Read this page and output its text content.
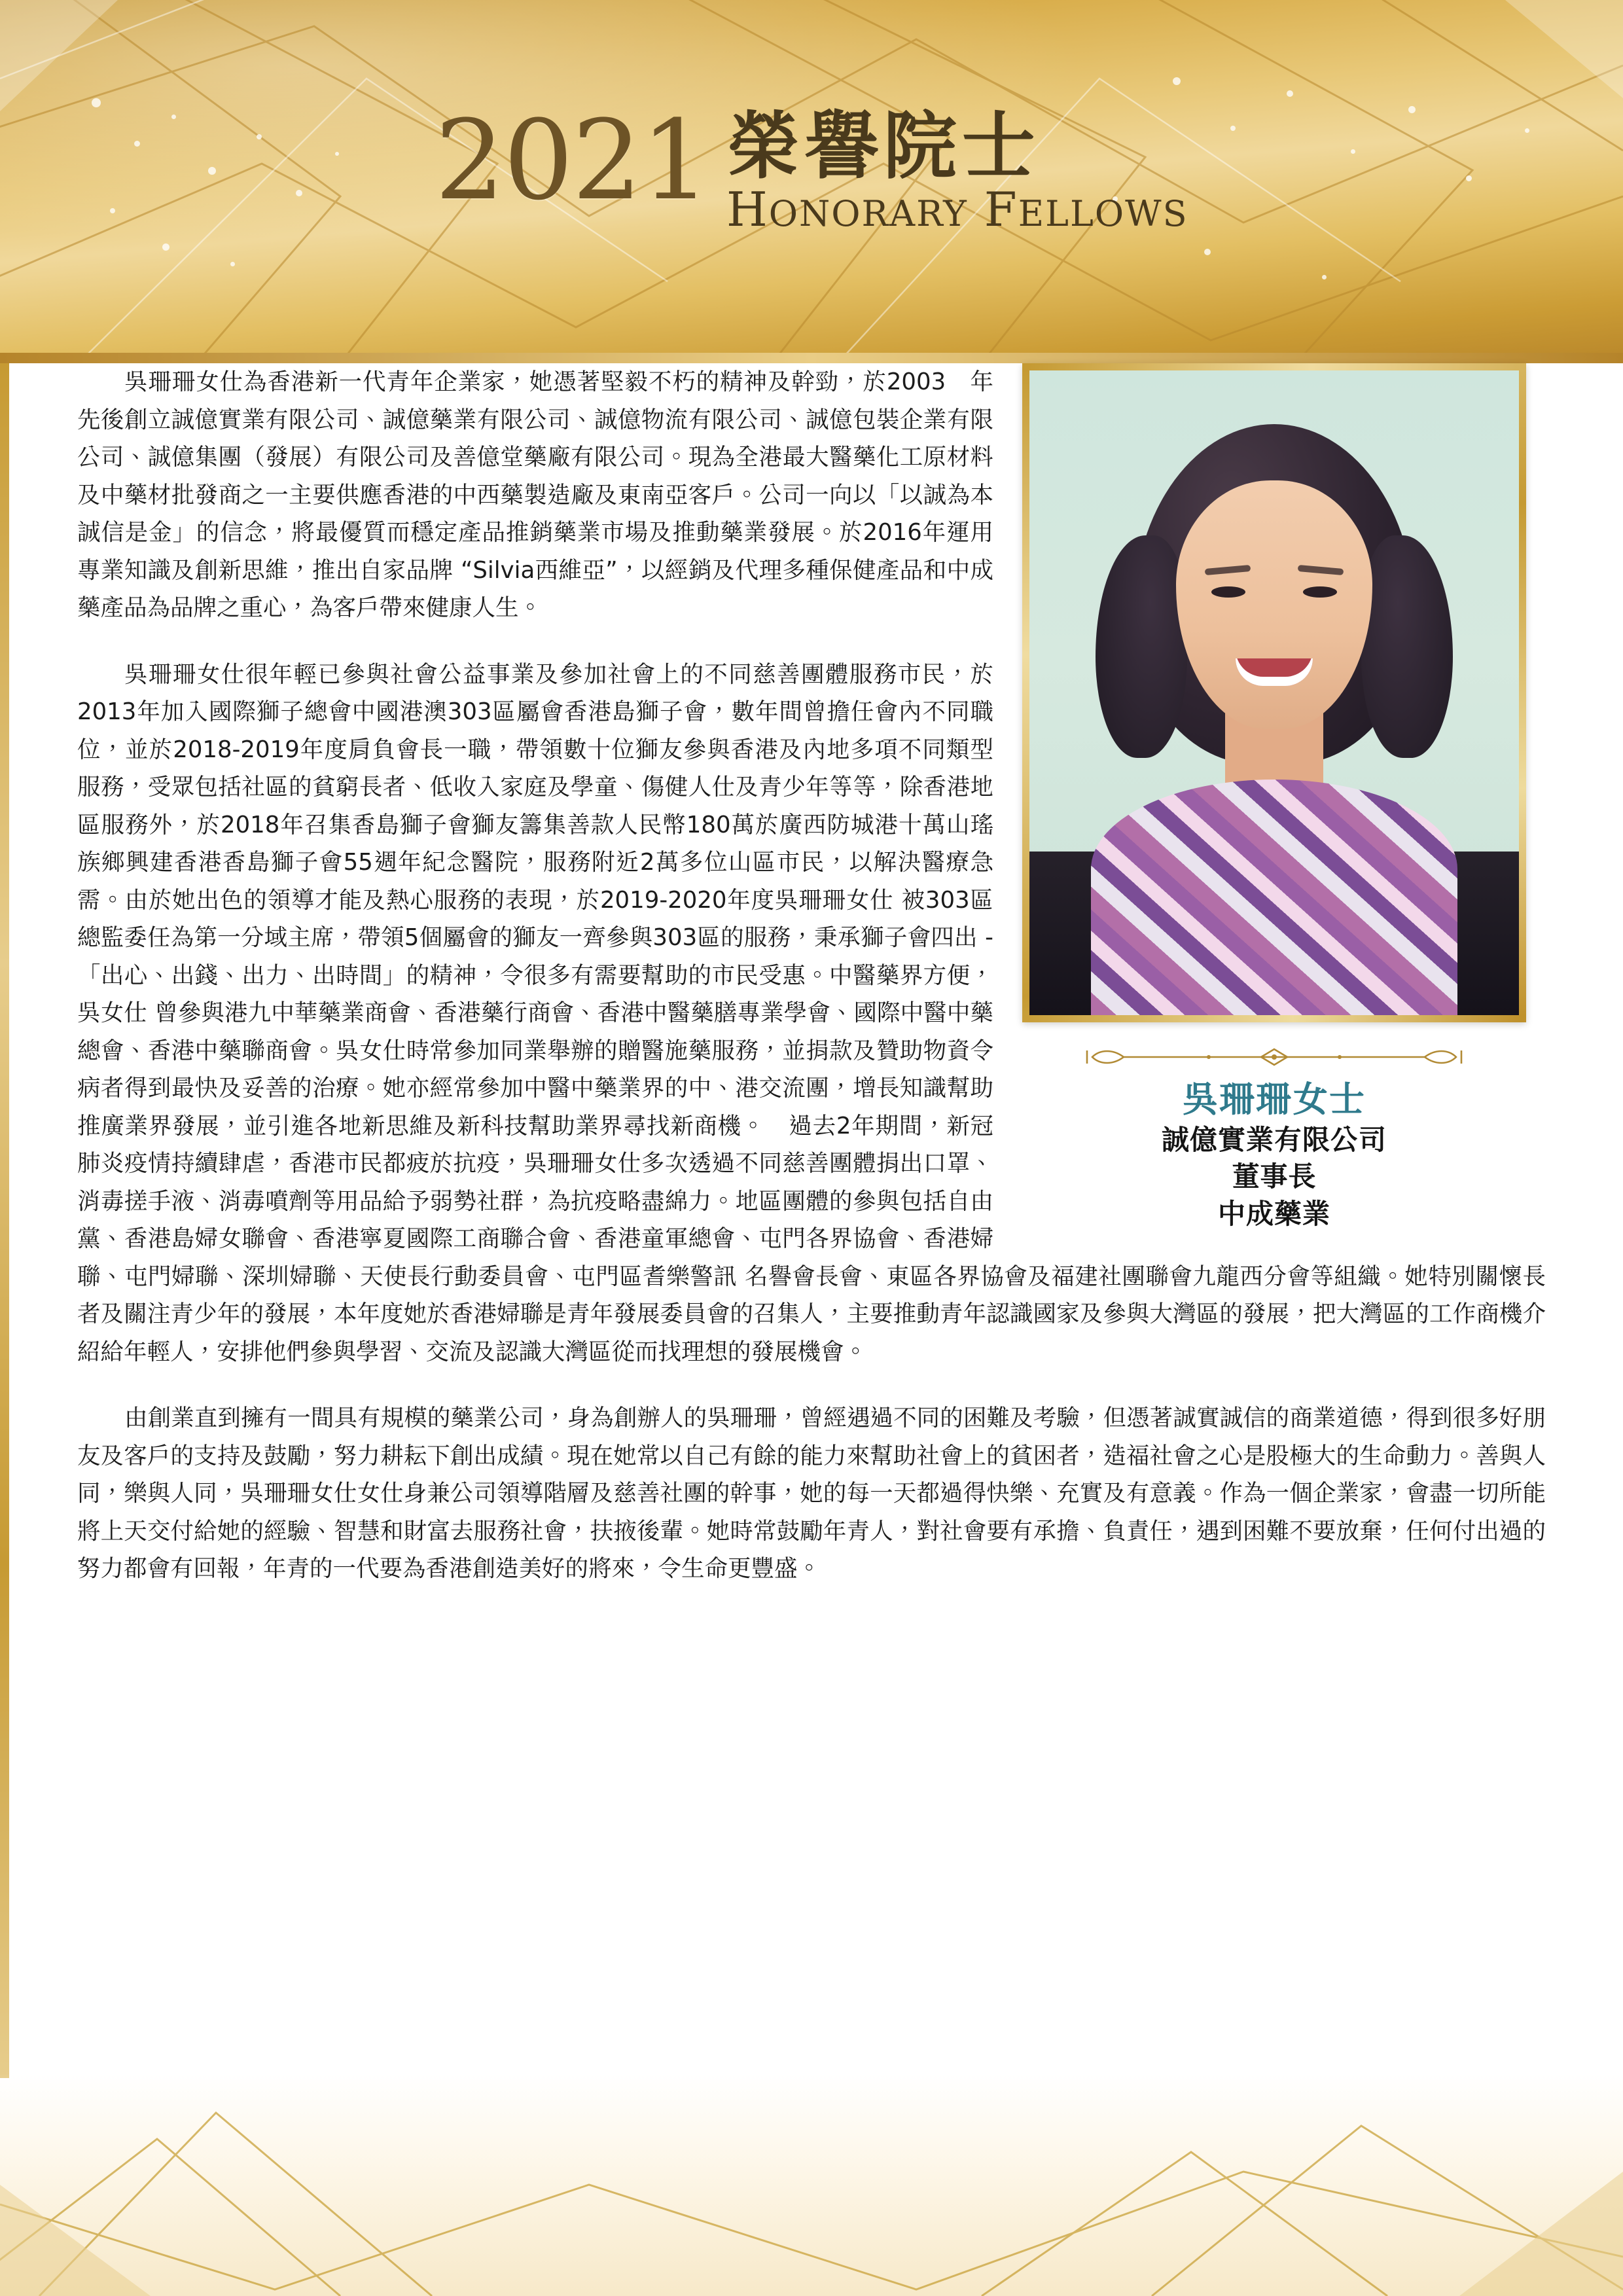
2021 榮譽院士
HONORARY FELLOWS
吳珊珊女士
誠億實業有限公司
董事長
中成藥業

吳珊珊女仕為香港新一代青年企業家，她憑著堅毅不朽的精神及幹勁，於2003　年先後創立誠億實業有限公司、誠億藥業有限公司、誠億物流有限公司、誠億包裝企業有限公司、誠億集團（發展）有限公司及善億堂藥廠有限公司。現為全港最大醫藥化工原材料及中藥材批發商之一主要供應香港的中西藥製造廠及東南亞客戶。公司一向以「以誠為本　誠信是金」的信念，將最優質而穩定產品推銷藥業市場及推動藥業發展。於2016年運用專業知識及創新思維，推出自家品牌 “Silvia西維亞”，以經銷及代理多種保健產品和中成藥產品為品牌之重心，為客戶帶來健康人生。

吳珊珊女仕很年輕已參與社會公益事業及參加社會上的不同慈善團體服務市民，於2013年加入國際獅子總會中國港澳303區屬會香港島獅子會，數年間曾擔任會內不同職位，並於2018-2019年度肩負會長一職，帶領數十位獅友參與香港及內地多項不同類型服務，受眾包括社區的貧窮長者、低收入家庭及學童、傷健人仕及青少年等等，除香港地區服務外，於2018年召集香島獅子會獅友籌集善款人民幣180萬於廣西防城港十萬山瑤族鄉興建香港香島獅子會55週年紀念醫院，服務附近2萬多位山區市民，以解決醫療急需。由於她出色的領導才能及熱心服務的表現，於2019-2020年度吳珊珊女仕 被303區總監委任為第一分域主席，帶領5個屬會的獅友一齊參與303區的服務，秉承獅子會四出 -「出心、出錢、出力、出時間」的精神，令很多有需要幫助的市民受惠。中醫藥界方便，吳女仕 曾參與港九中華藥業商會、香港藥行商會、香港中醫藥膳專業學會、國際中醫中藥總會、香港中藥聯商會。吳女仕時常參加同業舉辦的贈醫施藥服務，並捐款及贊助物資令病者得到最快及妥善的治療。她亦經常參加中醫中藥業界的中、港交流團，增長知識幫助推廣業界發展，並引進各地新思維及新科技幫助業界尋找新商機。　過去2年期間，新冠肺炎疫情持續肆虐，香港市民都疲於抗疫，吳珊珊女仕多次透過不同慈善團體捐出口罩、消毒搓手液、消毒噴劑等用品給予弱勢社群，為抗疫略盡綿力。地區團體的參與包括自由黨、香港島婦女聯會、香港寧夏國際工商聯合會、香港童軍總會、屯門各界協會、香港婦聯、屯門婦聯、深圳婦聯、天使長行動委員會、屯門區耆樂警訊 名譽會長會、東區各界協會及福建社團聯會九龍西分會等組織。她特別關懷長者及關注青少年的發展，本年度她於香港婦聯是青年發展委員會的召集人，主要推動青年認識國家及參與大灣區的發展，把大灣區的工作商機介紹給年輕人，安排他們參與學習、交流及認識大灣區從而找理想的發展機會。

由創業直到擁有一間具有規模的藥業公司，身為創辦人的吳珊珊，曾經遇過不同的困難及考驗，但憑著誠實誠信的商業道德，得到很多好朋友及客戶的支持及鼓勵，努力耕耘下創出成績。現在她常以自己有餘的能力來幫助社會上的貧困者，造福社會之心是股極大的生命動力。善與人同，樂與人同，吳珊珊女仕女仕身兼公司領導階層及慈善社團的幹事，她的每一天都過得快樂、充實及有意義。作為一個企業家，會盡一切所能將上天交付給她的經驗、智慧和財富去服務社會，扶掖後輩。她時常鼓勵年青人，對社會要有承擔、負責任，遇到困難不要放棄，任何付出過的努力都會有回報，年青的一代要為香港創造美好的將來，令生命更豐盛。
